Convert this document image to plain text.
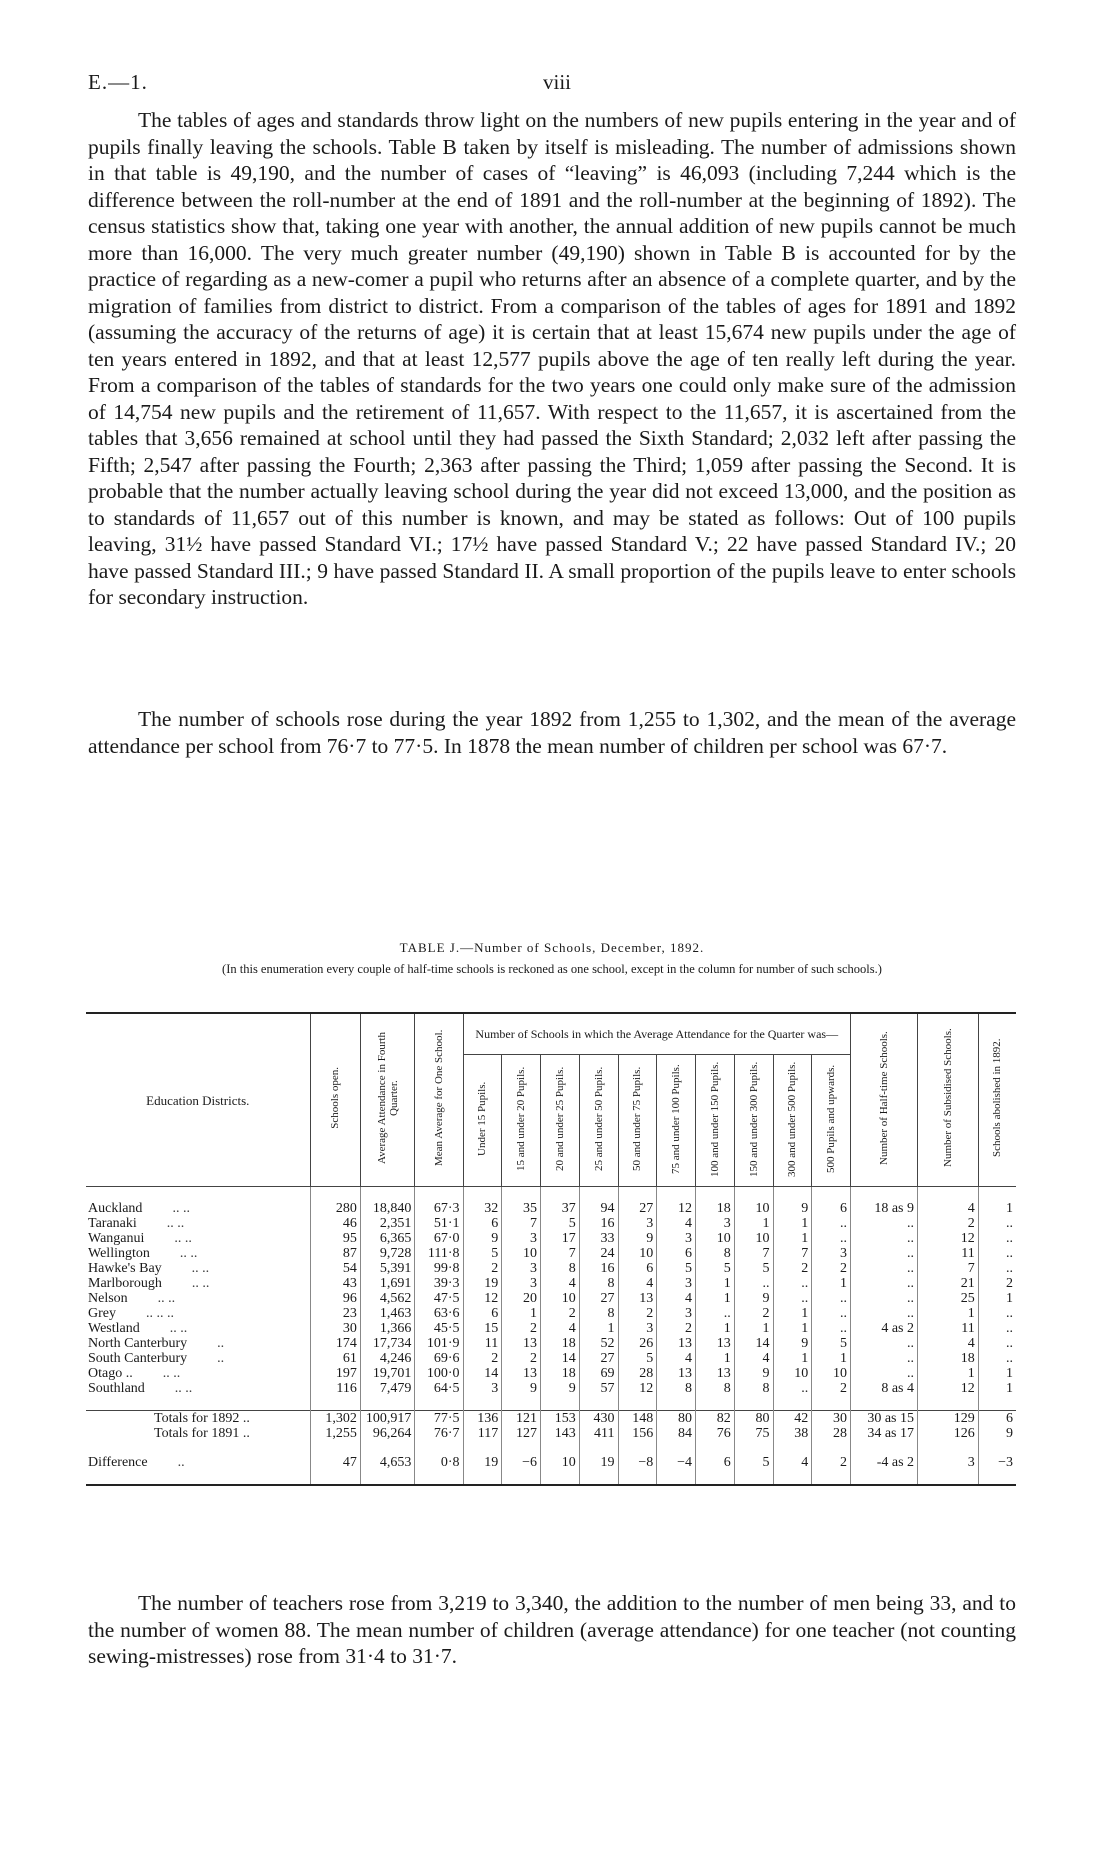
E.—1.	viii

The tables of ages and standards throw light on the numbers of new pupils entering in the year and of pupils finally leaving the schools. Table B taken by itself is misleading. The number of admissions shown in that table is 49,190, and the number of cases of “leaving” is 46,093 (including 7,244 which is the difference between the roll-number at the end of 1891 and the roll-number at the beginning of 1892). The census statistics show that, taking one year with another, the annual addition of new pupils cannot be much more than 16,000. The very much greater number (49,190) shown in Table B is accounted for by the practice of regarding as a new-comer a pupil who returns after an absence of a complete quarter, and by the migration of families from district to district. From a comparison of the tables of ages for 1891 and 1892 (assuming the accuracy of the returns of age) it is certain that at least 15,674 new pupils under the age of ten years entered in 1892, and that at least 12,577 pupils above the age of ten really left during the year. From a comparison of the tables of standards for the two years one could only make sure of the admission of 14,754 new pupils and the retirement of 11,657. With respect to the 11,657, it is ascertained from the tables that 3,656 remained at school until they had passed the Sixth Standard; 2,032 left after passing the Fifth; 2,547 after passing the Fourth; 2,363 after passing the Third; 1,059 after passing the Second. It is probable that the number actually leaving school during the year did not exceed 13,000, and the position as to standards of 11,657 out of this number is known, and may be stated as follows: Out of 100 pupils leaving, 31½ have passed Standard VI.; 17½ have passed Standard V.; 22 have passed Standard IV.; 20 have passed Standard III.; 9 have passed Standard II. A small proportion of the pupils leave to enter schools for secondary instruction.

The number of schools rose during the year 1892 from 1,255 to 1,302, and the mean of the average attendance per school from 76·7 to 77·5. In 1878 the mean number of children per school was 67·7.

TABLE J.—Number of Schools, December, 1892.
(In this enumeration every couple of half-time schools is reckoned as one school, except in the column for number of such schools.)
Education Districts.	Schools open.	Average Attendance in Fourth Quarter.	Mean Average for One School.	Number of Schools in which the Average Attendance for the Quarter was—										Number of Half-time Schools.	Number of Subsidised Schools.	Schools abolished in 1892.
				Under 15 Pupils.	15 and under 20 Pupils.	20 and under 25 Pupils.	25 and under 50 Pupils.	50 and under 75 Pupils.	75 and under 100 Pupils.	100 and under 150 Pupils.	150 and under 300 Pupils.	300 and under 500 Pupils.	500 Pupils and upwards.			

Auckland .. ..	280	18,840	67·3	32	35	37	94	27	12	18	10	9	6	18 as 9	4	1
Taranaki .. ..	46	2,351	51·1	6	7	5	16	3	4	3	1	1	..	..	2	..
Wanganui .. ..	95	6,365	67·0	9	3	17	33	9	3	10	10	1	..	..	12	..
Wellington .. ..	87	9,728	111·8	5	10	7	24	10	6	8	7	7	3	..	11	..
Hawke's Bay .. ..	54	5,391	99·8	2	3	8	16	6	5	5	5	2	2	..	7	..
Marlborough .. ..	43	1,691	39·3	19	3	4	8	4	3	1	..	..	1	..	21	2
Nelson .. ..	96	4,562	47·5	12	20	10	27	13	4	1	9	..	..	..	25	1
Grey .. .. ..	23	1,463	63·6	6	1	2	8	2	3	..	2	1	..	..	1	..
Westland .. ..	30	1,366	45·5	15	2	4	1	3	2	1	1	1	..	4 as 2	11	..
North Canterbury ..	174	17,734	101·9	11	13	18	52	26	13	13	14	9	5	..	4	..
South Canterbury ..	61	4,246	69·6	2	2	14	27	5	4	1	4	1	1	..	18	..
Otago .. .. ..	197	19,701	100·0	14	13	18	69	28	13	13	9	10	10	..	1	1
Southland .. ..	116	7,479	64·5	3	9	9	57	12	8	8	8	..	2	8 as 4	12	1

Totals for 1892 ..	1,302	100,917	77·5	136	121	153	430	148	80	82	80	42	30	30 as 15	129	6
Totals for 1891 ..	1,255	96,264	76·7	117	127	143	411	156	84	76	75	38	28	34 as 17	126	9

Difference ..	47	4,653	0·8	19	−6	10	19	−8	−4	6	5	4	2	-4 as 2	3	−3

The number of teachers rose from 3,219 to 3,340, the addition to the number of men being 33, and to the number of women 88. The mean number of children (average attendance) for one teacher (not counting sewing-mistresses) rose from 31·4 to 31·7.
